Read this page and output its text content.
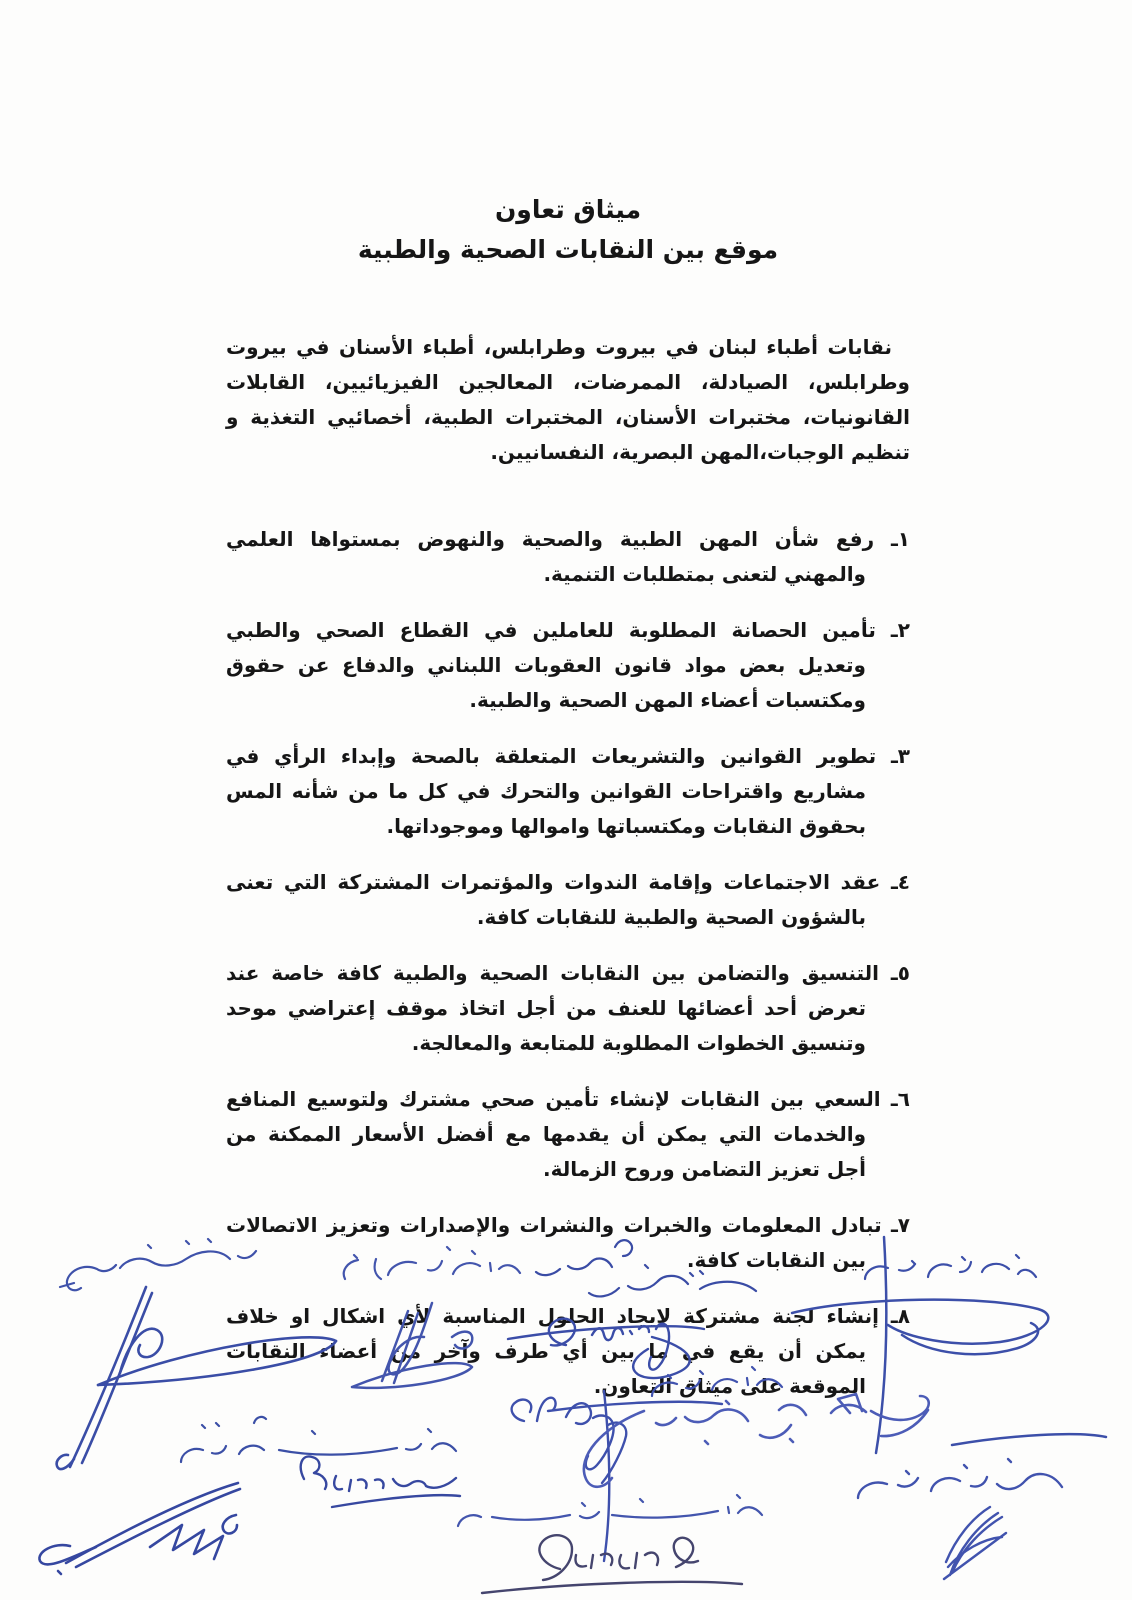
ميثاق تعاون
موقع بين النقابات الصحية والطبية

نقابات أطباء لبنان في بيروت وطرابلس، أطباء الأسنان في بيروت وطرابلس، الصيادلة، الممرضات، المعالجين الفيزيائيين، القابلات القانونيات، مختبرات الأسنان، المختبرات الطبية، أخصائيي التغذية و تنظيم الوجبات،المهن البصرية، النفسانيين.

١ـ رفع شأن المهن الطبية والصحية والنهوض بمستواها العلمي والمهني لتعنى بمتطلبات التنمية.

٢ـ تأمين الحصانة المطلوبة للعاملين في القطاع الصحي والطبي وتعديل بعض مواد قانون العقوبات اللبناني والدفاع عن حقوق ومكتسبات أعضاء المهن الصحية والطبية.

٣ـ تطوير القوانين والتشريعات المتعلقة بالصحة وإبداء الرأي في مشاريع واقتراحات القوانين والتحرك في كل ما من شأنه المس بحقوق النقابات ومكتسباتها واموالها وموجوداتها.

٤ـ عقد الاجتماعات وإقامة الندوات والمؤتمرات المشتركة التي تعنى بالشؤون الصحية والطبية للنقابات كافة.

٥ـ التنسيق والتضامن بين النقابات الصحية والطبية كافة خاصة عند تعرض أحد أعضائها للعنف من أجل اتخاذ موقف إعتراضي موحد وتنسيق الخطوات المطلوبة للمتابعة والمعالجة.

٦ـ السعي بين النقابات لإنشاء تأمين صحي مشترك ولتوسيع المنافع والخدمات التي يمكن أن يقدمها مع أفضل الأسعار الممكنة من أجل تعزيز التضامن وروح الزمالة.

٧ـ تبادل المعلومات والخبرات والنشرات والإصدارات وتعزيز الاتصالات بين النقابات كافة.

٨ـ إنشاء لجنة مشتركة لإيجاد الحلول المناسبة لأي اشكال او خلاف يمكن أن يقع في ما بين أي طرف وآخر من أعضاء النقابات الموقعة على ميثاق التعاون.
